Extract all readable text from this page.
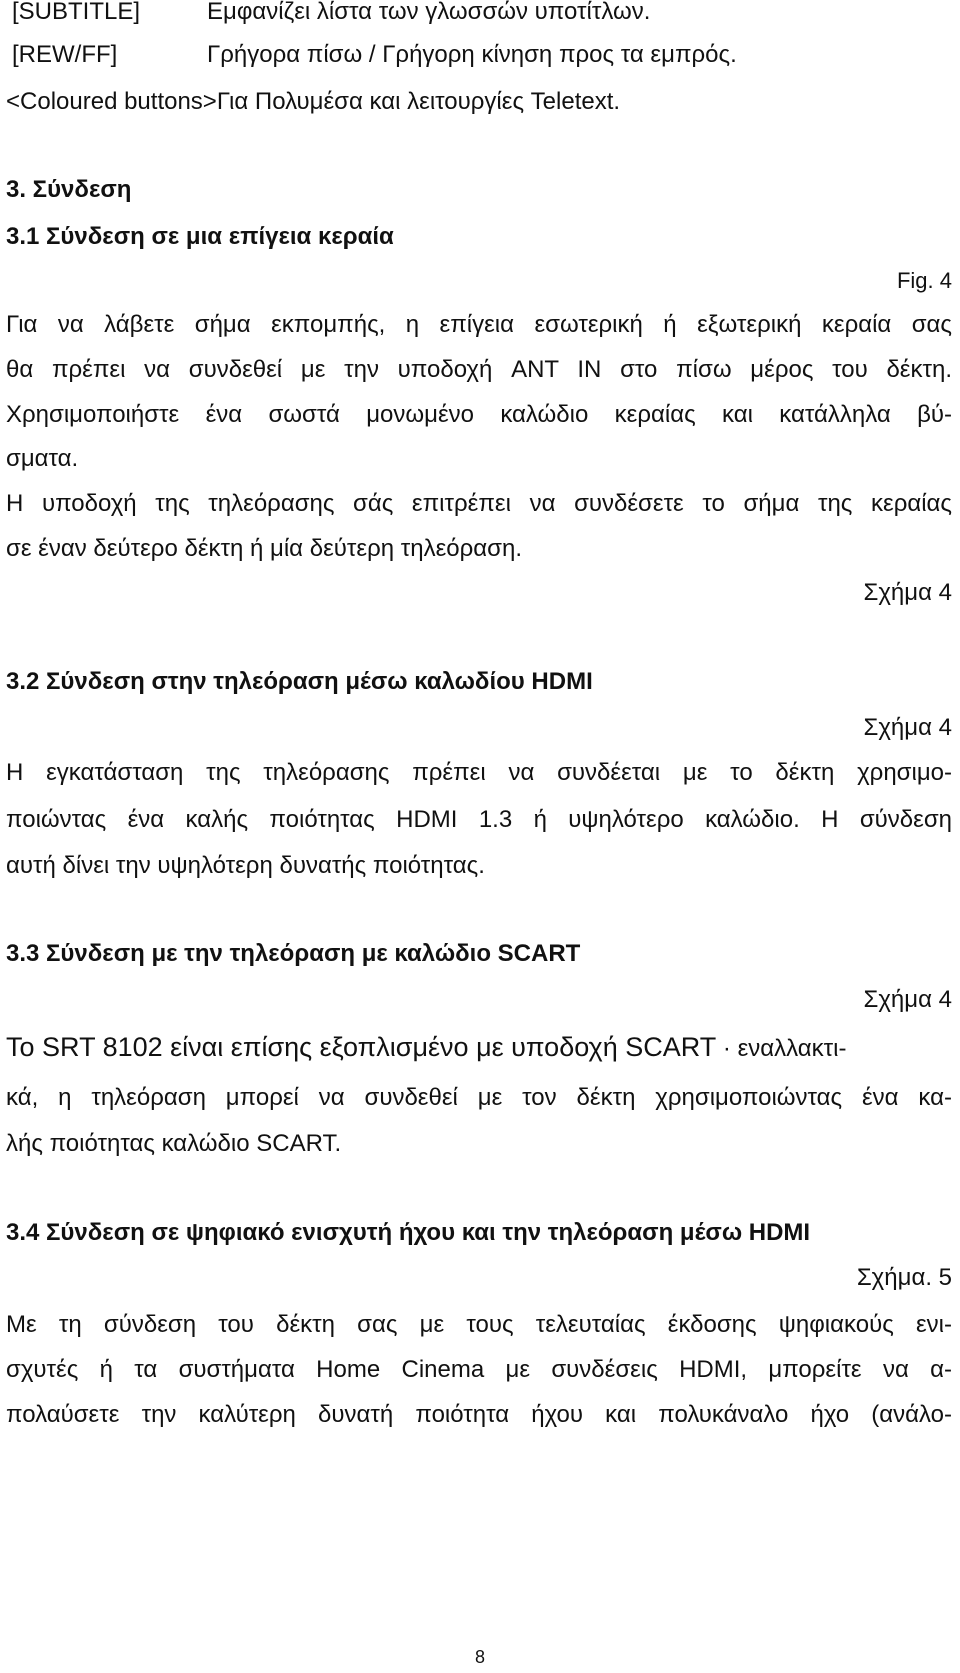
[SUBTITLE]	Εμφανίζει λίστα των γλωσσών υποτίτλων.
[REW/FF]	Γρήγορα πίσω / Γρήγορη κίνηση προς τα εμπρός.
<Coloured buttons>Για Πολυμέσα και λειτουργίες Teletext.
3. Σύνδεση
3.1 Σύνδεση σε μια επίγεια κεραία
Fig. 4
Για να λάβετε σήμα εκπομπής, η επίγεια εσωτερική ή εξωτερική κεραία σας
θα πρέπει να συνδεθεί με την υποδοχή ANT IN στο πίσω μέρος του δέκτη.
Χρησιμοποιήστε ένα σωστά μονωμένο καλώδιο κεραίας και κατάλληλα βύ-
σματα.
Η υποδοχή της τηλεόρασης σάς επιτρέπει να συνδέσετε το σήμα της κεραίας
σε έναν δεύτερο δέκτη ή μία δεύτερη τηλεόραση.
Σχήμα 4
3.2 Σύνδεση στην τηλεόραση μέσω καλωδίου HDMI
Σχήμα 4
Η εγκατάσταση της τηλεόρασης πρέπει να συνδέεται με το δέκτη χρησιμο-
ποιώντας ένα καλής ποιότητας HDMI 1.3 ή υψηλότερο καλώδιο. Η σύνδεση
αυτή δίνει την υψηλότερη δυνατής ποιότητας.
3.3 Σύνδεση με την τηλεόραση με καλώδιο SCART
Σχήμα 4
Το SRT 8102 είναι επίσης εξοπλισμένο με υποδοχή SCART · εναλλακτι-
κά, η τηλεόραση μπορεί να συνδεθεί με τον δέκτη χρησιμοποιώντας ένα κα-
λής ποιότητας καλώδιο SCART.
3.4 Σύνδεση σε ψηφιακό ενισχυτή ήχου και την τηλεόραση μέσω HDMI
Σχήμα. 5
Με τη σύνδεση του δέκτη σας με τους τελευταίας έκδοσης ψηφιακούς ενι-
σχυτές ή τα συστήματα Home Cinema με συνδέσεις HDMI, μπορείτε να α-
πολαύσετε την καλύτερη δυνατή ποιότητα ήχου και πολυκάναλο ήχο (ανάλο-
8
